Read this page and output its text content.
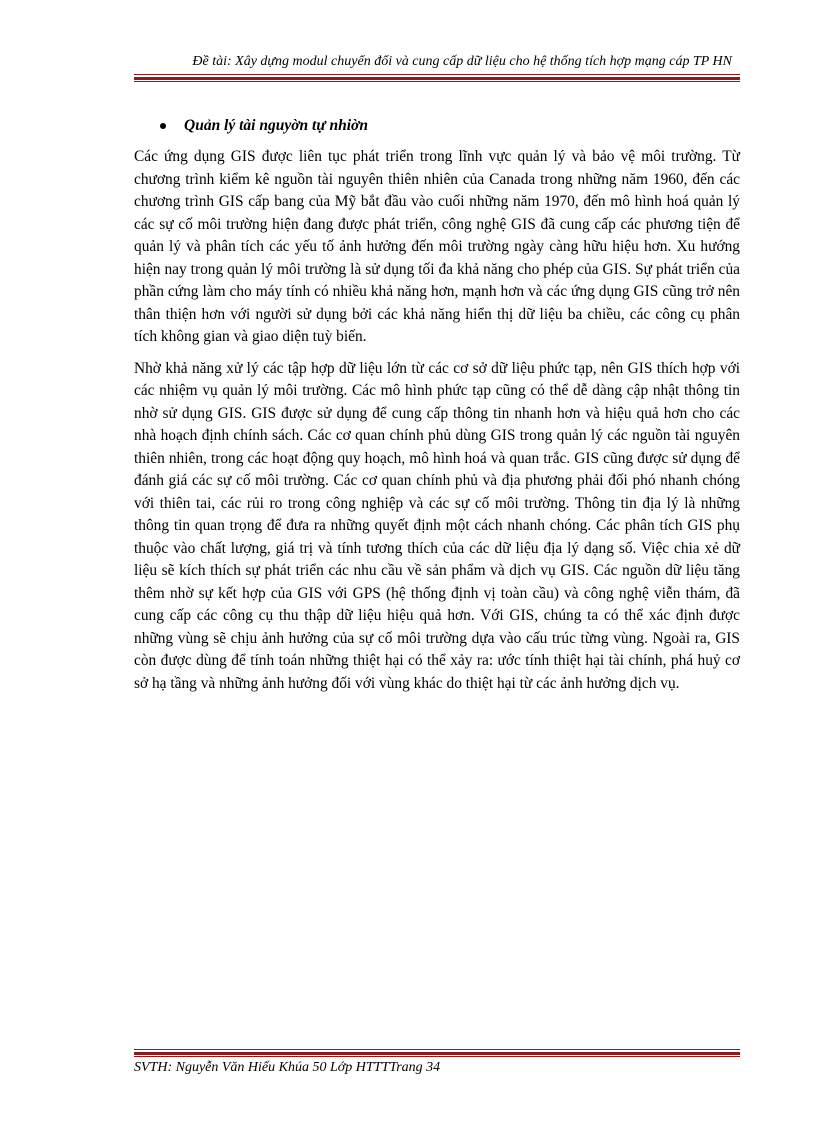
Đề tài: Xây dựng modul chuyển đổi và cung cấp dữ liệu cho hệ thống tích hợp mạng cáp TP HN
Quản lý tài nguyờn tự nhiờn

Các ứng dụng GIS được liên tục phát triển trong lĩnh vực quản lý và bảo vệ môi trường. Từ chương trình kiểm kê nguồn tài nguyên thiên nhiên của Canada trong những năm 1960, đến các chương trình GIS cấp bang của Mỹ bắt đầu vào cuối những năm 1970, đến mô hình hoá quản lý các sự cố môi trường hiện đang được phát triển, công nghệ GIS đã cung cấp các phương tiện để quản lý và phân tích các yếu tố ảnh hưởng đến môi trường ngày càng hữu hiệu hơn. Xu hướng hiện nay trong quản lý môi trường là sử dụng tối đa khả năng cho phép của GIS. Sự phát triển của phần cứng làm cho máy tính có nhiều khả năng hơn, mạnh hơn và các ứng dụng GIS cũng trở nên thân thiện hơn với người sử dụng bởi các khả năng hiển thị dữ liệu ba chiều, các công cụ phân tích không gian và giao diện tuỳ biến.

Nhờ khả năng xử lý các tập hợp dữ liệu lớn từ các cơ sở dữ liệu phức tạp, nên GIS thích hợp với các nhiệm vụ quản lý môi trường. Các mô hình phức tạp cũng có thể dễ dàng cập nhật thông tin nhờ sử dụng GIS. GIS được sử dụng để cung cấp thông tin nhanh hơn và hiệu quả hơn cho các nhà hoạch định chính sách. Các cơ quan chính phủ dùng GIS trong quản lý các nguồn tài nguyên thiên nhiên, trong các hoạt động quy hoạch, mô hình hoá và quan trắc. GIS cũng được sử dụng để đánh giá các sự cố môi trường. Các cơ quan chính phủ và địa phương phải đối phó nhanh chóng với thiên tai, các rủi ro trong công nghiệp và các sự cố môi trường. Thông tin địa lý là những thông tin quan trọng để đưa ra những quyết định một cách nhanh chóng. Các phân tích GIS phụ thuộc vào chất lượng, giá trị và tính tương thích của các dữ liệu địa lý dạng số. Việc chia xẻ dữ liệu sẽ kích thích sự phát triển các nhu cầu về sản phẩm và dịch vụ GIS. Các nguồn dữ liệu tăng thêm nhờ sự kết hợp của GIS với GPS (hệ thống định vị toàn cầu) và công nghệ viễn thám, đã cung cấp các công cụ thu thập dữ liệu hiệu quả hơn. Với GIS, chúng ta có thể xác định được những vùng sẽ chịu ảnh hưởng của sự cố môi trường dựa vào cấu trúc từng vùng. Ngoài ra, GIS còn được dùng để tính toán những thiệt hại có thể xảy ra: ước tính thiệt hại tài chính, phá huỷ cơ sở hạ tầng và những ảnh hưởng đối với vùng khác do thiệt hại từ các ảnh hưởng dịch vụ.

SVTH: Nguyễn Văn Hiếu Khúa 50 Lớp HTTTTrang 34
